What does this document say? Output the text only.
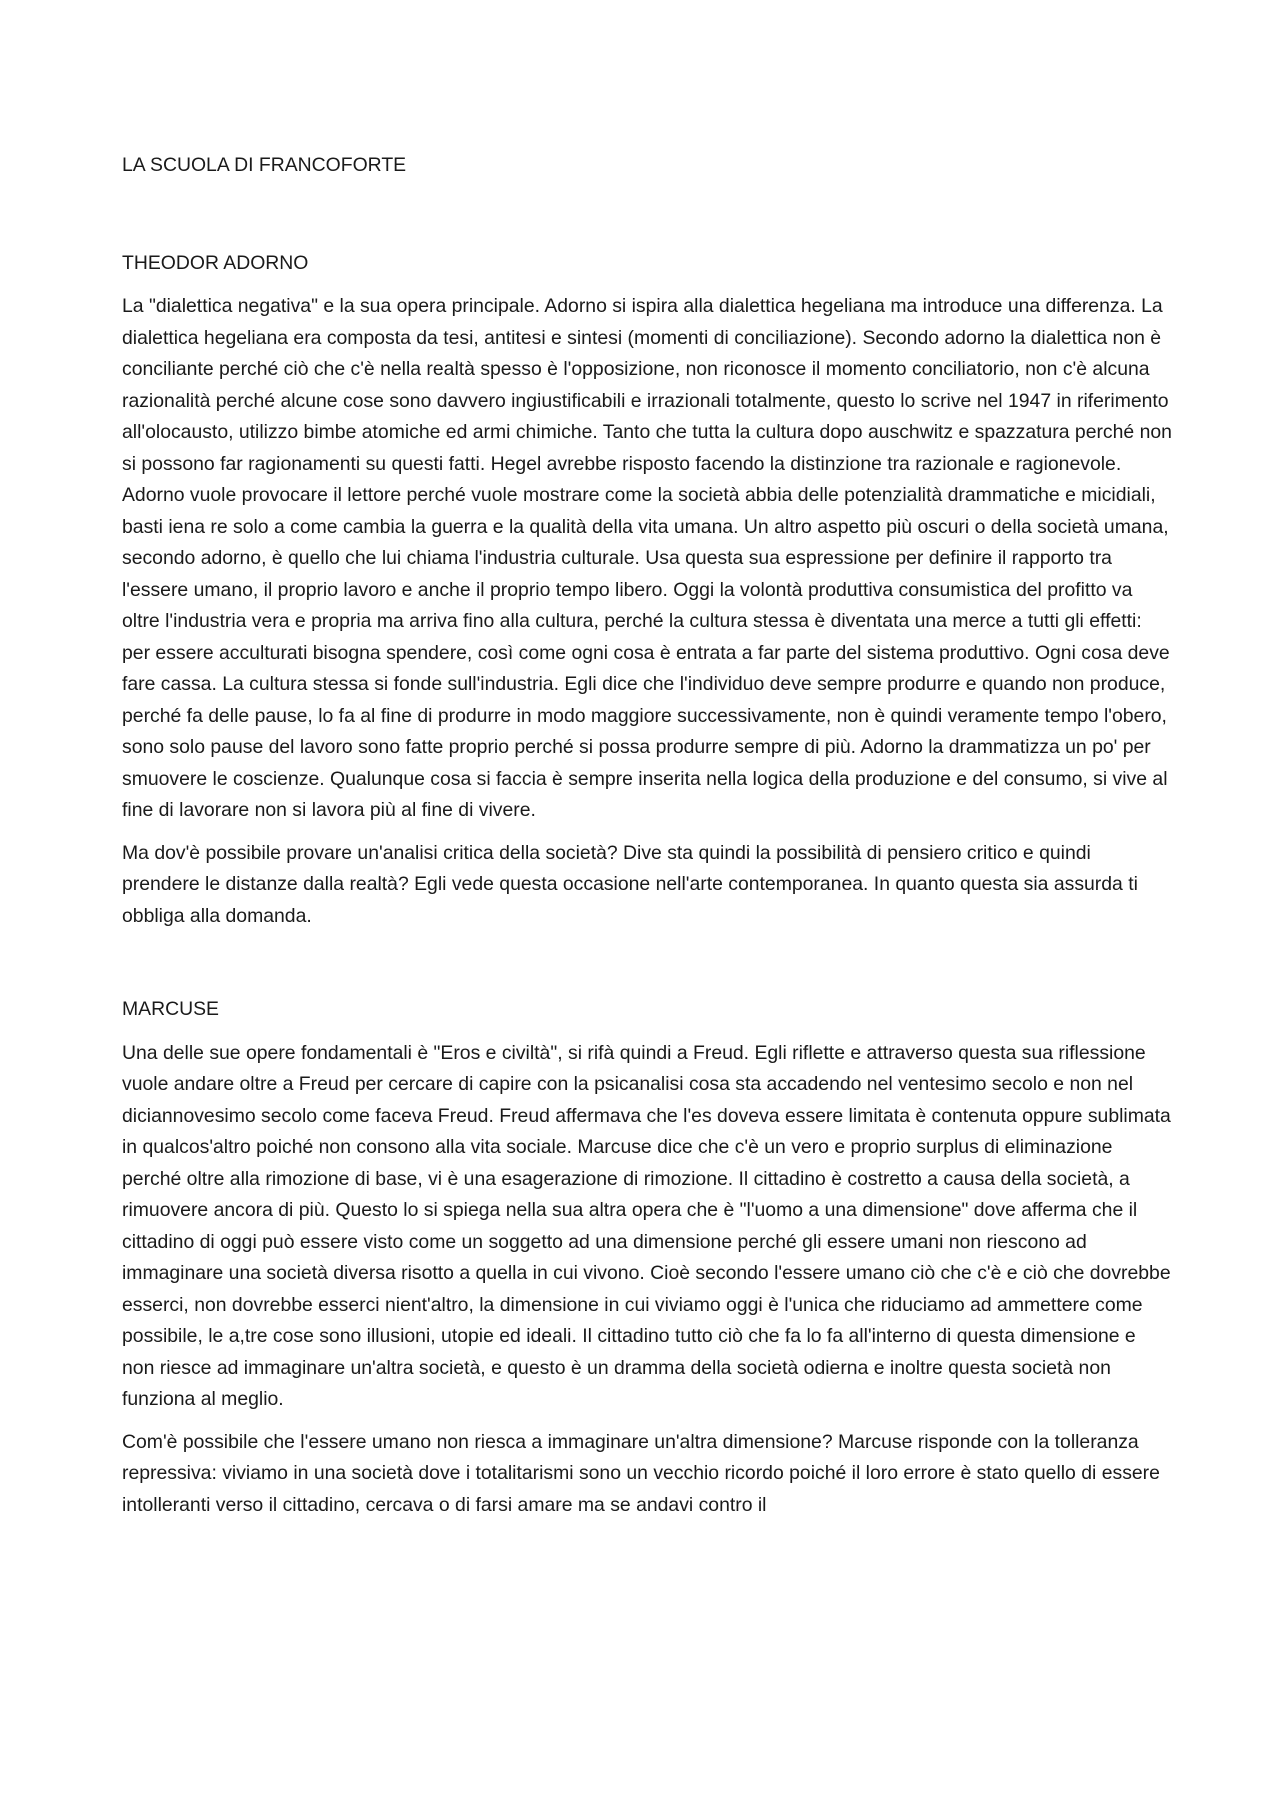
LA SCUOLA DI FRANCOFORTE
THEODOR ADORNO

La "dialettica negativa" e la sua opera principale. Adorno si ispira alla dialettica hegeliana ma introduce una differenza. La dialettica hegeliana era composta da tesi, antitesi e sintesi (momenti di conciliazione). Secondo adorno la dialettica non è conciliante perché ciò che c'è nella realtà spesso è l'opposizione, non riconosce il momento conciliatorio, non c'è alcuna razionalità perché alcune cose sono davvero ingiustificabili e irrazionali totalmente, questo lo scrive nel 1947 in riferimento all'olocausto, utilizzo bimbe atomiche ed armi chimiche. Tanto che tutta la cultura dopo auschwitz e spazzatura perché non si possono far ragionamenti su questi fatti. Hegel avrebbe risposto facendo la distinzione tra razionale e ragionevole. Adorno vuole provocare il lettore perché vuole mostrare come la società abbia delle potenzialità drammatiche e micidiali, basti iena re solo a come cambia la guerra e la qualità della vita umana. Un altro aspetto più oscuri o della società umana, secondo adorno, è quello che lui chiama l'industria culturale. Usa questa sua espressione per definire il rapporto tra l'essere umano, il proprio lavoro e anche il proprio tempo libero. Oggi la volontà produttiva consumistica del profitto va oltre l'industria vera e propria ma arriva fino alla cultura, perché la cultura stessa è diventata una merce a tutti gli effetti: per essere acculturati bisogna spendere, così come ogni cosa è entrata a far parte del sistema produttivo. Ogni cosa deve fare cassa. La cultura stessa si fonde sull'industria. Egli dice che l'individuo deve sempre produrre e quando non produce, perché fa delle pause, lo fa al fine di produrre in modo maggiore successivamente, non è quindi veramente tempo l'obero, sono solo pause del lavoro sono fatte proprio perché si possa produrre sempre di più. Adorno la drammatizza un po' per smuovere le coscienze. Qualunque cosa si faccia è sempre inserita nella logica della produzione e del consumo, si vive al fine di lavorare non si lavora più al fine di vivere.

Ma dov'è possibile provare un'analisi critica della società? Dive sta quindi la possibilità di pensiero critico e quindi prendere le distanze dalla realtà? Egli vede questa occasione nell'arte contemporanea. In quanto questa sia assurda ti obbliga alla domanda.

MARCUSE

Una delle sue opere fondamentali è "Eros e civiltà", si rifà quindi a Freud. Egli riflette e attraverso questa sua riflessione vuole andare oltre a Freud per cercare di capire con la psicanalisi cosa sta accadendo nel ventesimo secolo e non nel diciannovesimo secolo come faceva Freud. Freud affermava che l'es doveva essere limitata è contenuta oppure sublimata in qualcos'altro poiché non consono alla vita sociale. Marcuse dice che c'è un vero e proprio surplus di eliminazione perché oltre alla rimozione di base, vi è una esagerazione di rimozione. Il cittadino è costretto a causa della società, a rimuovere ancora di più. Questo lo si spiega nella sua altra opera che è "l'uomo a una dimensione" dove afferma che il cittadino di oggi può essere visto come un soggetto ad una dimensione perché gli essere umani non riescono ad immaginare una società diversa risotto a quella in cui vivono. Cioè secondo l'essere umano ciò che c'è e ciò che dovrebbe esserci, non dovrebbe esserci nient'altro, la dimensione in cui viviamo oggi è l'unica che riduciamo ad ammettere come possibile, le a,tre cose sono illusioni, utopie ed ideali. Il cittadino tutto ciò che fa lo fa all'interno di questa dimensione e non riesce ad immaginare un'altra società, e questo è un dramma della società odierna e inoltre questa società non funziona al meglio.

Com'è possibile che l'essere umano non riesca a immaginare un'altra dimensione? Marcuse risponde con la tolleranza repressiva: viviamo in una società dove i totalitarismi sono un vecchio ricordo poiché il loro errore è stato quello di essere intolleranti verso il cittadino, cercava o di farsi amare ma se andavi contro il
